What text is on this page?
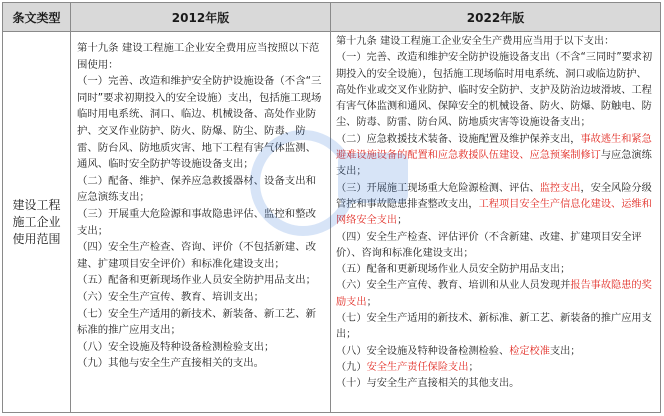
条文类型	2012年版	2022年版
建设工程施工企业使用范围

第十九条 建设工程施工企业安全费用应当按照以下范围使用：

（一）完善、改造和维护安全防护设施设备（不含“三同时”要求初期投入的安全设施）支出，包括施工现场临时用电系统、洞口、临边、机械设备、高处作业防护、交叉作业防护、防火、防爆、防尘、防毒、防雷、防台风、防地质灾害、地下工程有害气体监测、通风、临时安全防护等设施设备支出；

（二）配备、维护、保养应急救援器材、设备支出和应急演练支出；

（三）开展重大危险源和事故隐患评估、监控和整改支出；

（四）安全生产检查、咨询、评价（不包括新建、改建、扩建项目安全评价）和标准化建设支出；

（五）配备和更新现场作业人员安全防护用品支出；

（六）安全生产宣传、教育、培训支出；

（七）安全生产适用的新技术、新装备、新工艺、新标准的推广应用支出；

（八）安全设施及特种设备检测检验支出；

（九）其他与安全生产直接相关的支出。

第十九条 建设工程施工企业安全生产费用应当用于以下支出：

（一）完善、改造和维护安全防护设施设备支出（不含“三同时”要求初期投入的安全设施），包括施工现场临时用电系统、洞口或临边防护、高处作业或交叉作业防护、临时安全防护、支护及防治边坡滑坡、工程有害气体监测和通风、保障安全的机械设备、防火、防爆、防触电、防尘、防毒、防雷、防台风、防地质灾害等设施设备支出；

（二）应急救援技术装备、设施配置及维护保养支出，事故逃生和紧急避难设施设备的配置和应急救援队伍建设、应急预案制修订与应急演练支出；

（三）开展施工现场重大危险源检测、评估、监控支出，安全风险分级管控和事故隐患排查整改支出，工程项目安全生产信息化建设、运维和网络安全支出；

（四）安全生产检查、评估评价（不含新建、改建、扩建项目安全评价）、咨询和标准化建设支出；

（五）配备和更新现场作业人员安全防护用品支出；

（六）安全生产宣传、教育、培训和从业人员发现并报告事故隐患的奖励支出；

（七）安全生产适用的新技术、新标准、新工艺、新装备的推广应用支出；

（八）安全设施及特种设备检测检验、检定校准支出；

（九）安全生产责任保险支出；

（十）与安全生产直接相关的其他支出。
